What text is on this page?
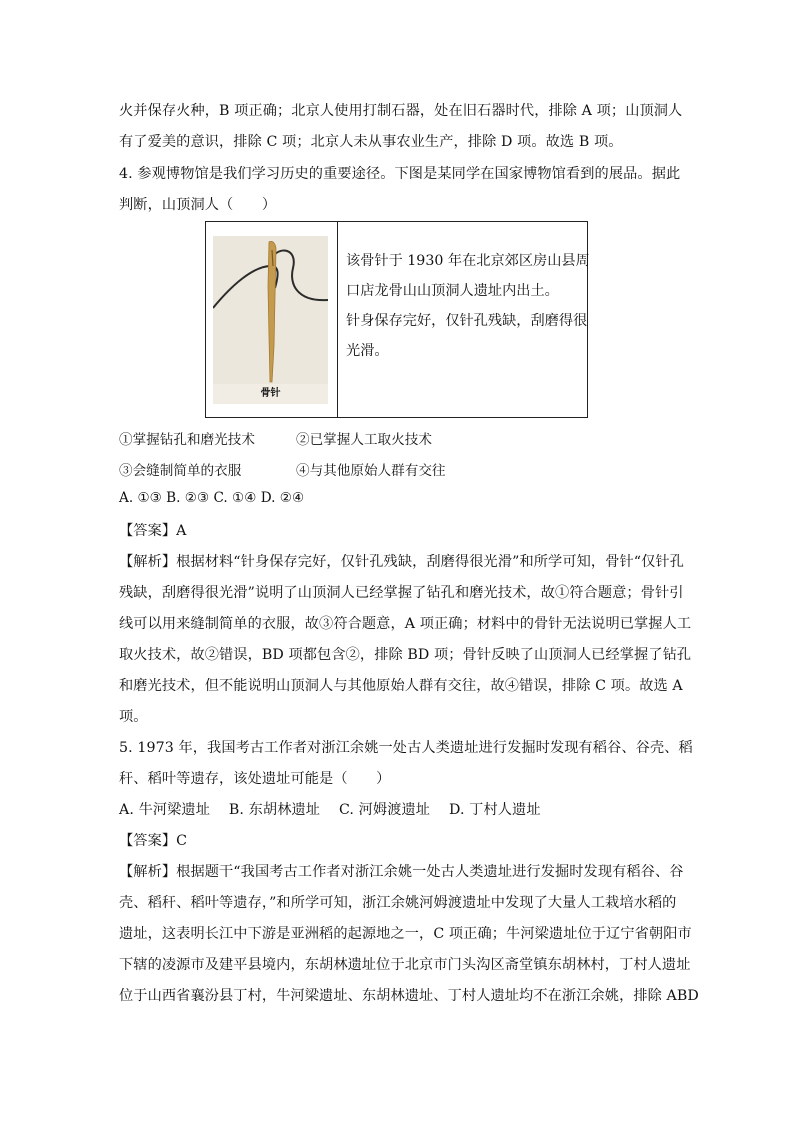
火并保存火种，B 项正确；北京人使用打制石器，处在旧石器时代，排除 A 项；山顶洞人
有了爱美的意识，排除 C 项；北京人未从事农业生产，排除 D 项。故选 B 项。
4. 参观博物馆是我们学习历史的重要途径。下图是某同学在国家博物馆看到的展品。据此
判断，山顶洞人（　　）
骨针
该骨针于 1930 年在北京郊区房山县周
口店龙骨山山顶洞人遗址内出土。
针身保存完好，仅针孔残缺，刮磨得很
光滑。
①掌握钻孔和磨光技术	②已掌握人工取火技术
③会缝制简单的衣服	④与其他原始人群有交往
A. ①③ B. ②③ C. ①④ D. ②④
【答案】A
【解析】根据材料“针身保存完好，仅针孔残缺，刮磨得很光滑”和所学可知，骨针“仅针孔
残缺，刮磨得很光滑”说明了山顶洞人已经掌握了钻孔和磨光技术，故①符合题意；骨针引
线可以用来缝制简单的衣服，故③符合题意，A 项正确；材料中的骨针无法说明已掌握人工
取火技术，故②错误，BD 项都包含②，排除 BD 项；骨针反映了山顶洞人已经掌握了钻孔
和磨光技术，但不能说明山顶洞人与其他原始人群有交往，故④错误，排除 C 项。故选 A
项。
5. 1973 年，我国考古工作者对浙江余姚一处古人类遗址进行发掘时发现有稻谷、谷壳、稻
秆、稻叶等遗存，该处遗址可能是（　　）
A. 牛河梁遗址　 B. 东胡林遗址　 C. 河姆渡遗址　 D. 丁村人遗址
【答案】C
【解析】根据题干“我国考古工作者对浙江余姚一处古人类遗址进行发掘时发现有稻谷、谷
壳、稻秆、稻叶等遗存，”和所学可知，浙江余姚河姆渡遗址中发现了大量人工栽培水稻的
遗址，这表明长江中下游是亚洲稻的起源地之一，C 项正确；牛河梁遗址位于辽宁省朝阳市
下辖的凌源市及建平县境内，东胡林遗址位于北京市门头沟区斋堂镇东胡林村，丁村人遗址
位于山西省襄汾县丁村，牛河梁遗址、东胡林遗址、丁村人遗址均不在浙江余姚，排除 ABD
